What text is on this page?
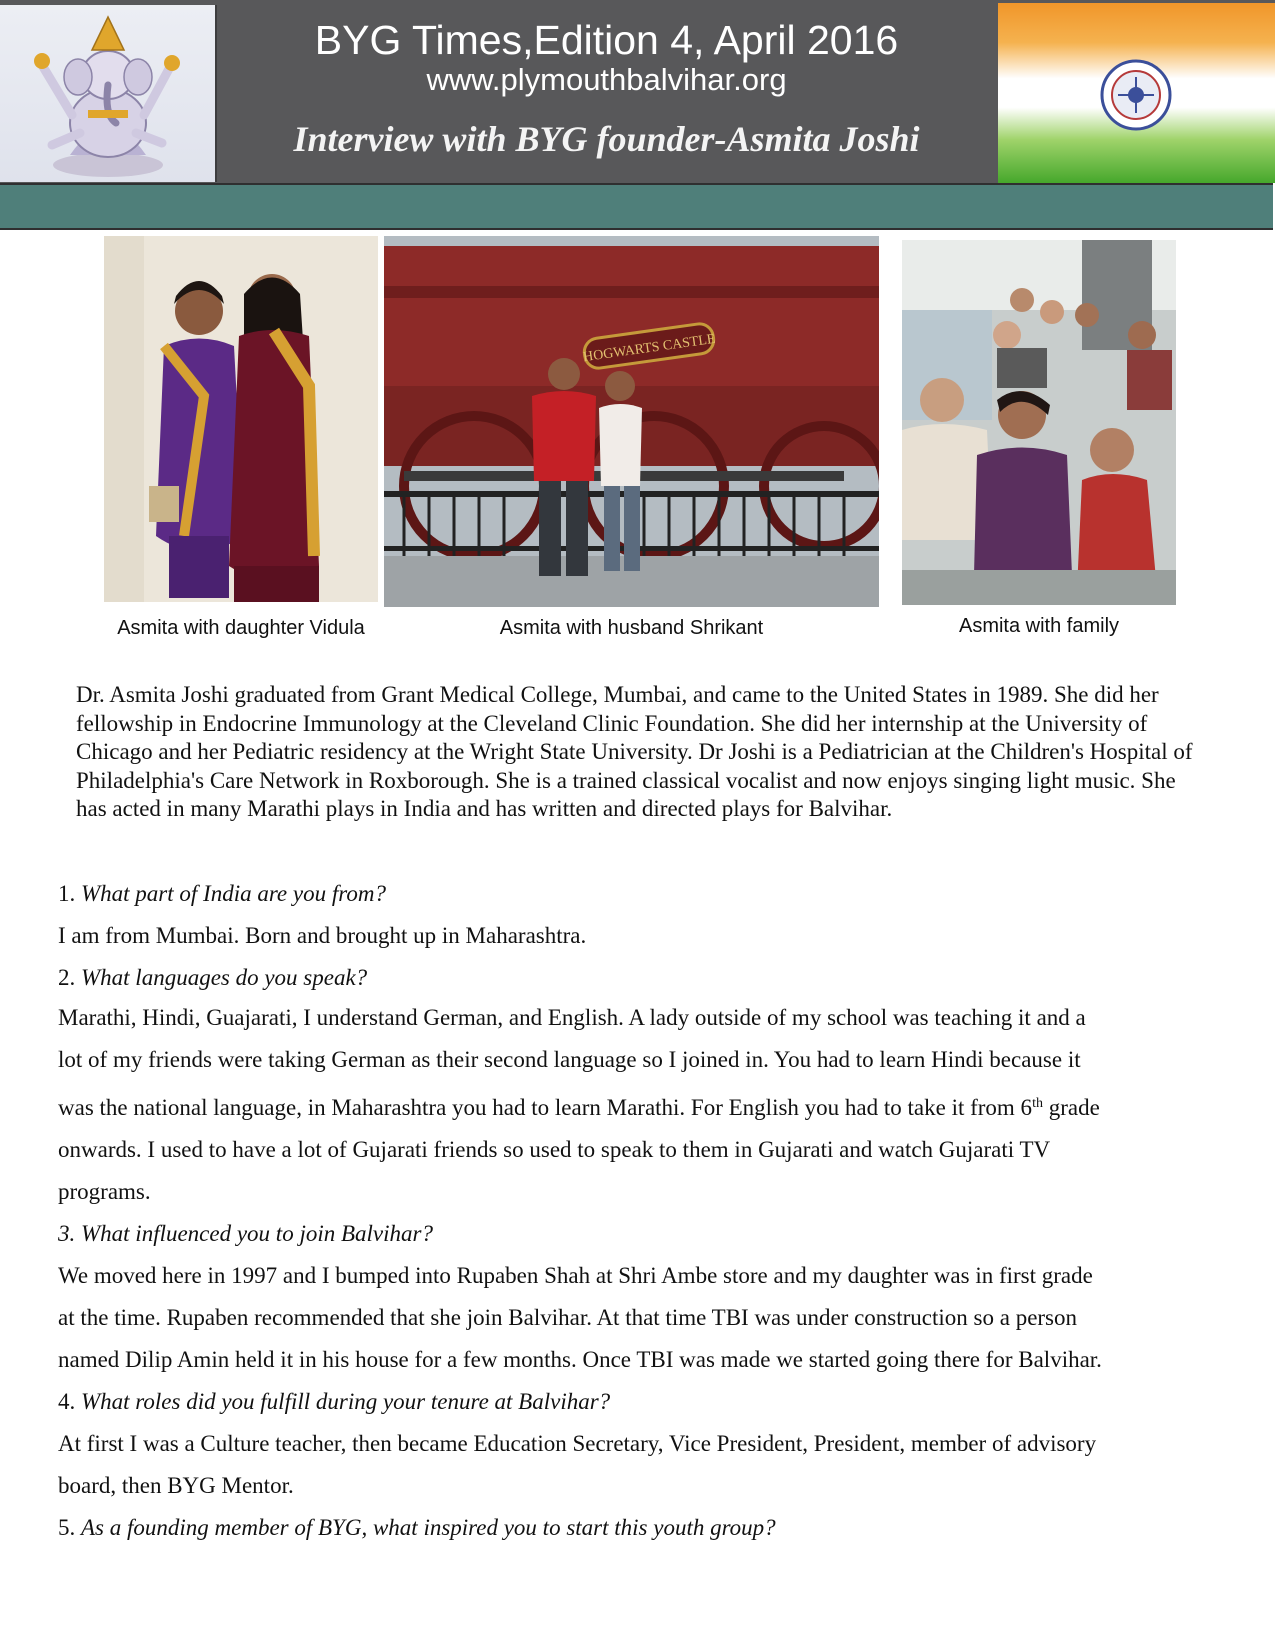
BYG Times,Edition 4, April 2016
www.plymouthbalvihar.org
Interview with BYG founder-Asmita Joshi
HOGWARTS CASTLE
Asmita with daughter Vidula	Asmita with husband Shrikant	Asmita with family

Dr. Asmita Joshi graduated from Grant Medical College, Mumbai, and came to the United States in 1989. She did her fellowship in Endocrine Immunology at the Cleveland Clinic Foundation. She did her internship at the University of Chicago and her Pediatric residency at the Wright State University. Dr Joshi is a Pediatrician at the Children's Hospital of Philadelphia's Care Network in Roxborough. She is a trained classical vocalist and now enjoys singing light music. She has acted in many Marathi plays in India and has written and directed plays for Balvihar.

1. What part of India are you from?

I am from Mumbai. Born and brought up in Maharashtra.

2. What languages do you speak?

Marathi, Hindi, Guajarati, I understand German, and English. A lady outside of my school was teaching it and a

lot of my friends were taking German as their second language so I joined in. You had to learn Hindi because it

was the national language, in Maharashtra you had to learn Marathi. For English you had to take it from 6th grade

onwards. I used to have a lot of Gujarati friends so used to speak to them in Gujarati and watch Gujarati TV

programs.

3. What influenced you to join Balvihar?

We moved here in 1997 and I bumped into Rupaben Shah at Shri Ambe store and my daughter was in first grade

at the time. Rupaben recommended that she join Balvihar. At that time TBI was under construction so a person

named Dilip Amin held it in his house for a few months. Once TBI was made we started going there for Balvihar.

4. What roles did you fulfill during your tenure at Balvihar?

At first I was a Culture teacher, then became Education Secretary, Vice President, President, member of advisory

board, then BYG Mentor.

5. As a founding member of BYG, what inspired you to start this youth group?
